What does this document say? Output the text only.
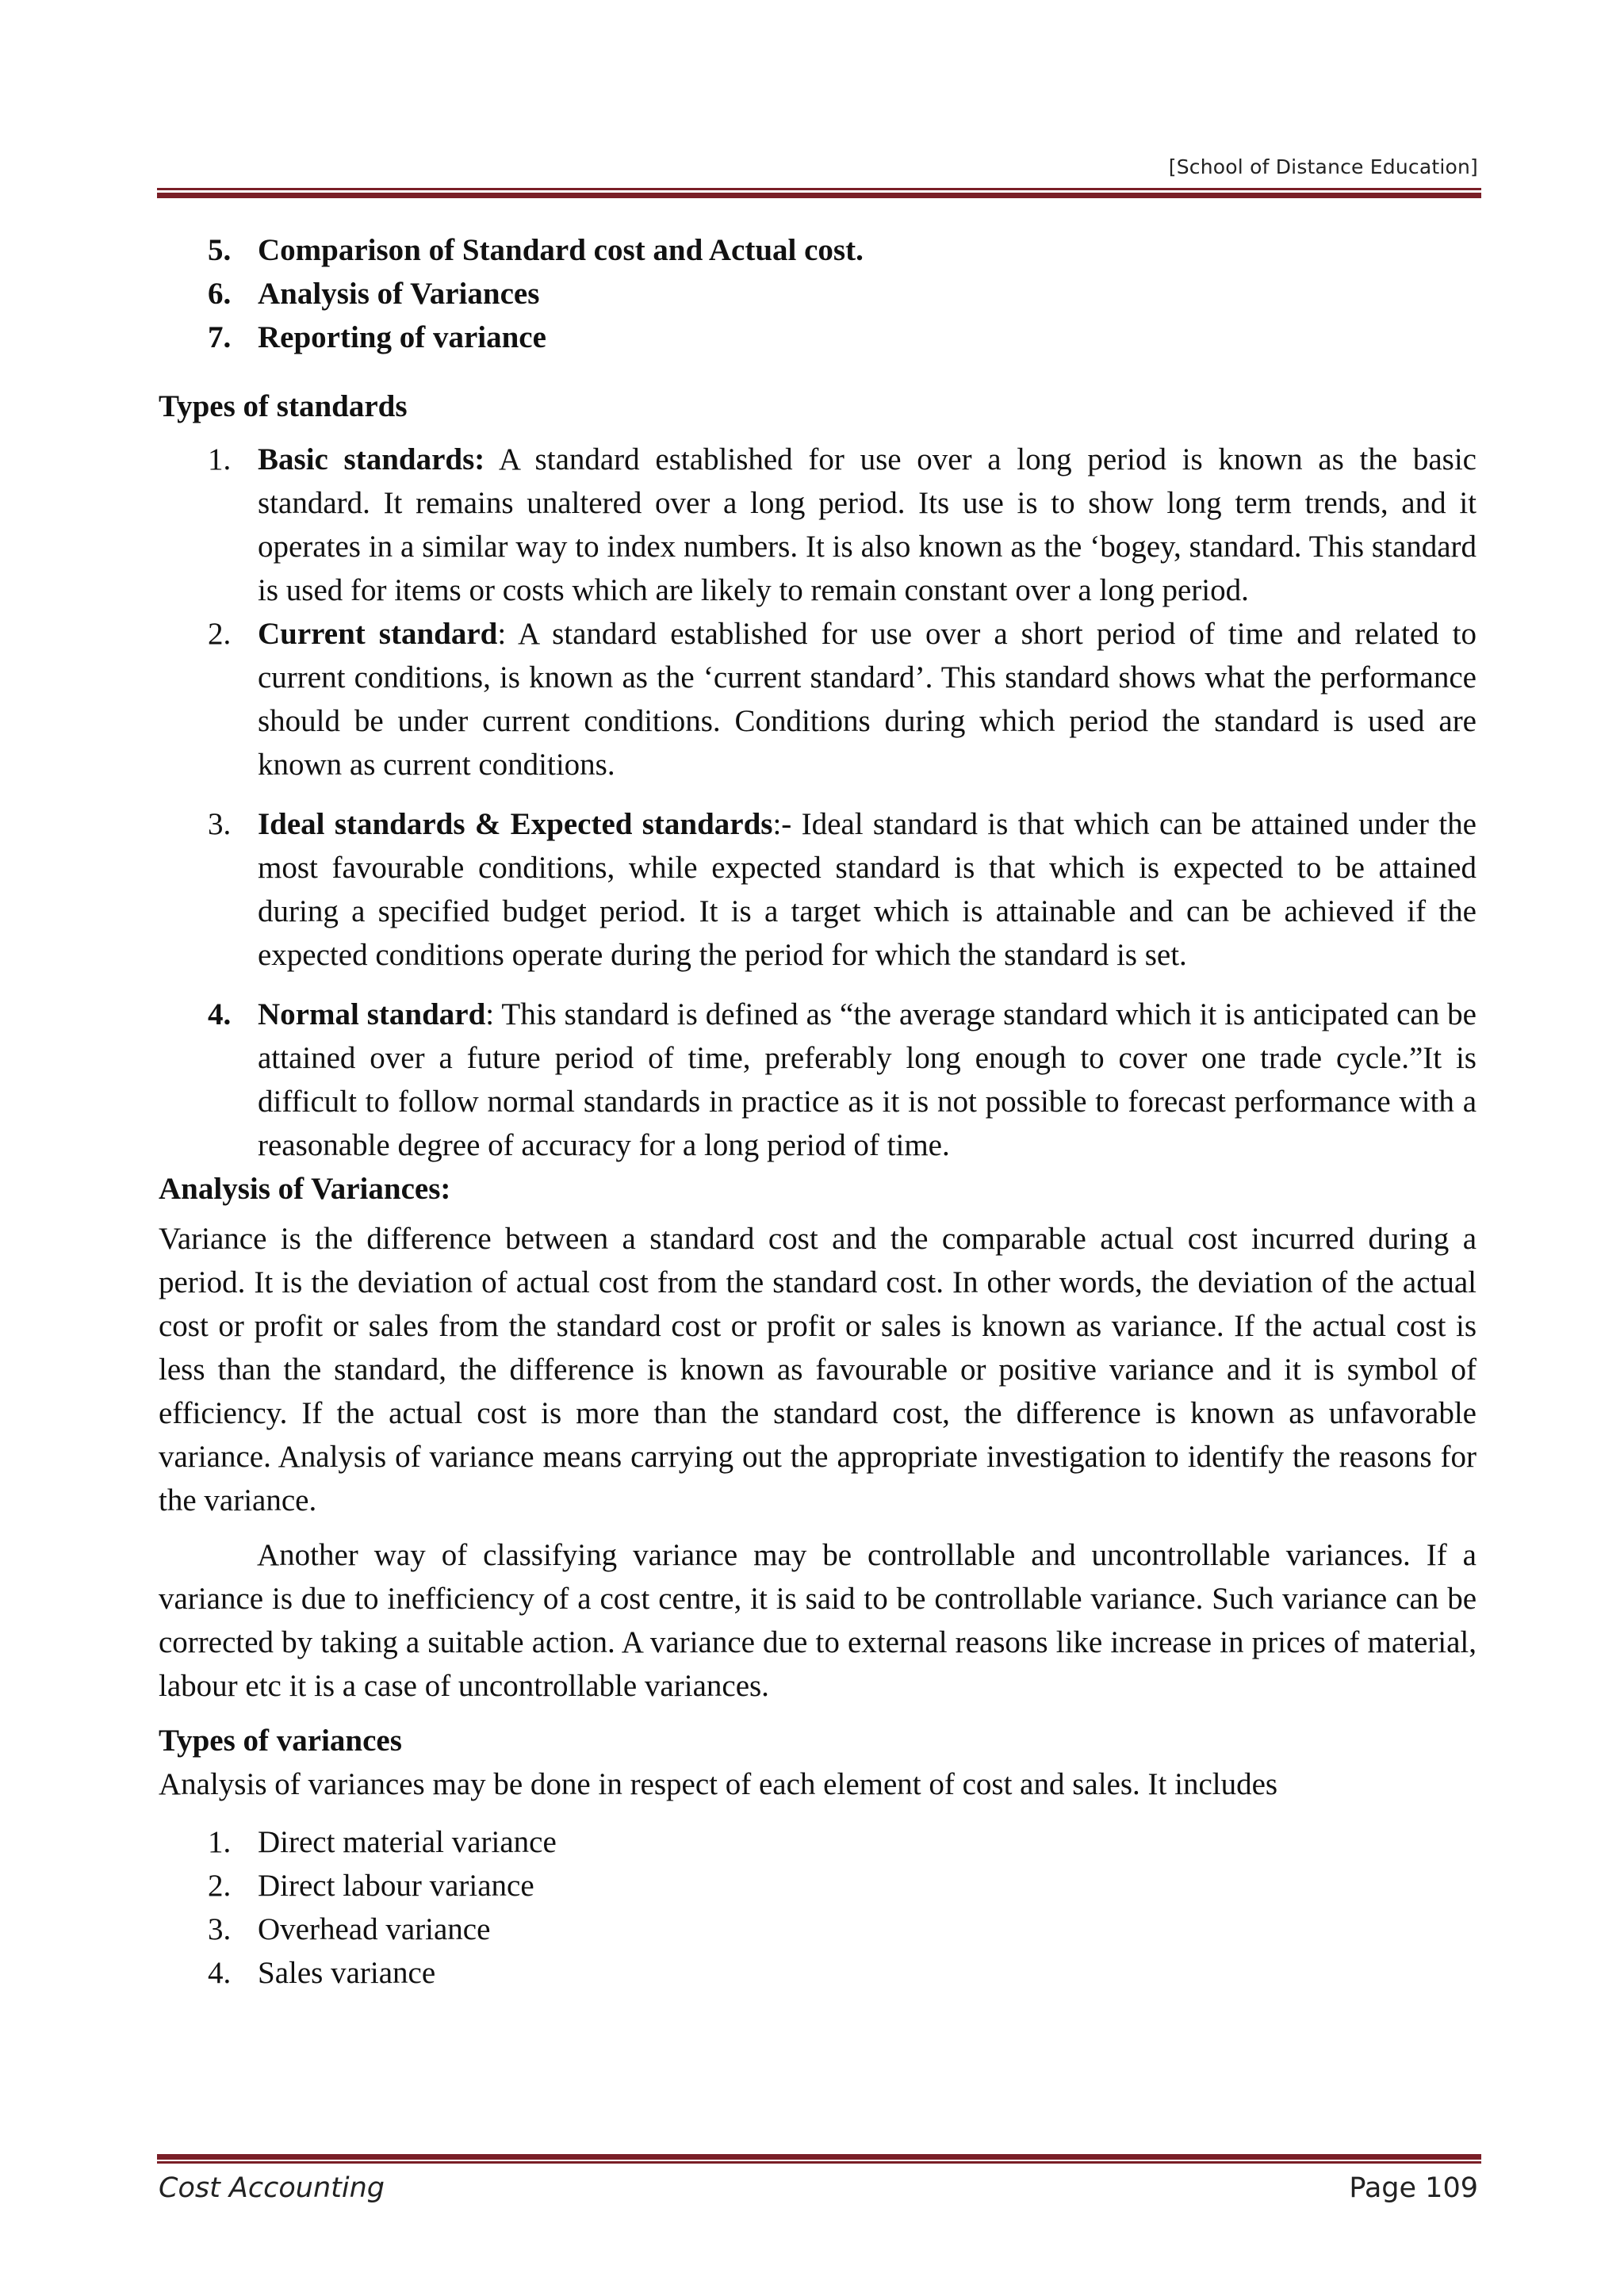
[School of Distance Education]
5. Comparison of Standard cost and Actual cost.
6. Analysis of Variances
7. Reporting of variance

Types of standards

1. Basic standards: A standard established for use over a long period is known as the basic standard. It remains unaltered over a long period. Its use is to show long term trends, and it operates in a similar way to index numbers. It is also known as the ‘bogey, standard. This standard is used for items or costs which are likely to remain constant over a long period.
2. Current standard: A standard established for use over a short period of time and related to current conditions, is known as the ‘current standard’. This standard shows what the performance should be under current conditions. Conditions during which period the standard is used are known as current conditions.
3. Ideal standards & Expected standards:- Ideal standard is that which can be attained under the most favourable conditions, while expected standard is that which is expected to be attained during a specified budget period. It is a target which is attainable and can be achieved if the expected conditions operate during the period for which the standard is set.
4. Normal standard: This standard is defined as “the average standard which it is anticipated can be attained over a future period of time, preferably long enough to cover one trade cycle.”It is difficult to follow normal standards in practice as it is not possible to forecast performance with a reasonable degree of accuracy for a long period of time.

Analysis of Variances:

Variance is the difference between a standard cost and the comparable actual cost incurred during a period. It is the deviation of actual cost from the standard cost. In other words, the deviation of the actual cost or profit or sales from the standard cost or profit or sales is known as variance. If the actual cost is less than the standard, the difference is known as favourable or positive variance and it is symbol of efficiency. If the actual cost is more than the standard cost, the difference is known as unfavorable variance. Analysis of variance means carrying out the appropriate investigation to identify the reasons for the variance.

Another way of classifying variance may be controllable and uncontrollable variances. If a variance is due to inefficiency of a cost centre, it is said to be controllable variance. Such variance can be corrected by taking a suitable action. A variance due to external reasons like increase in prices of material, labour etc it is a case of uncontrollable variances.

Types of variances

Analysis of variances may be done in respect of each element of cost and sales. It includes

1. Direct material variance
2. Direct labour variance
3. Overhead variance
4. Sales variance
Cost Accounting	Page 109
